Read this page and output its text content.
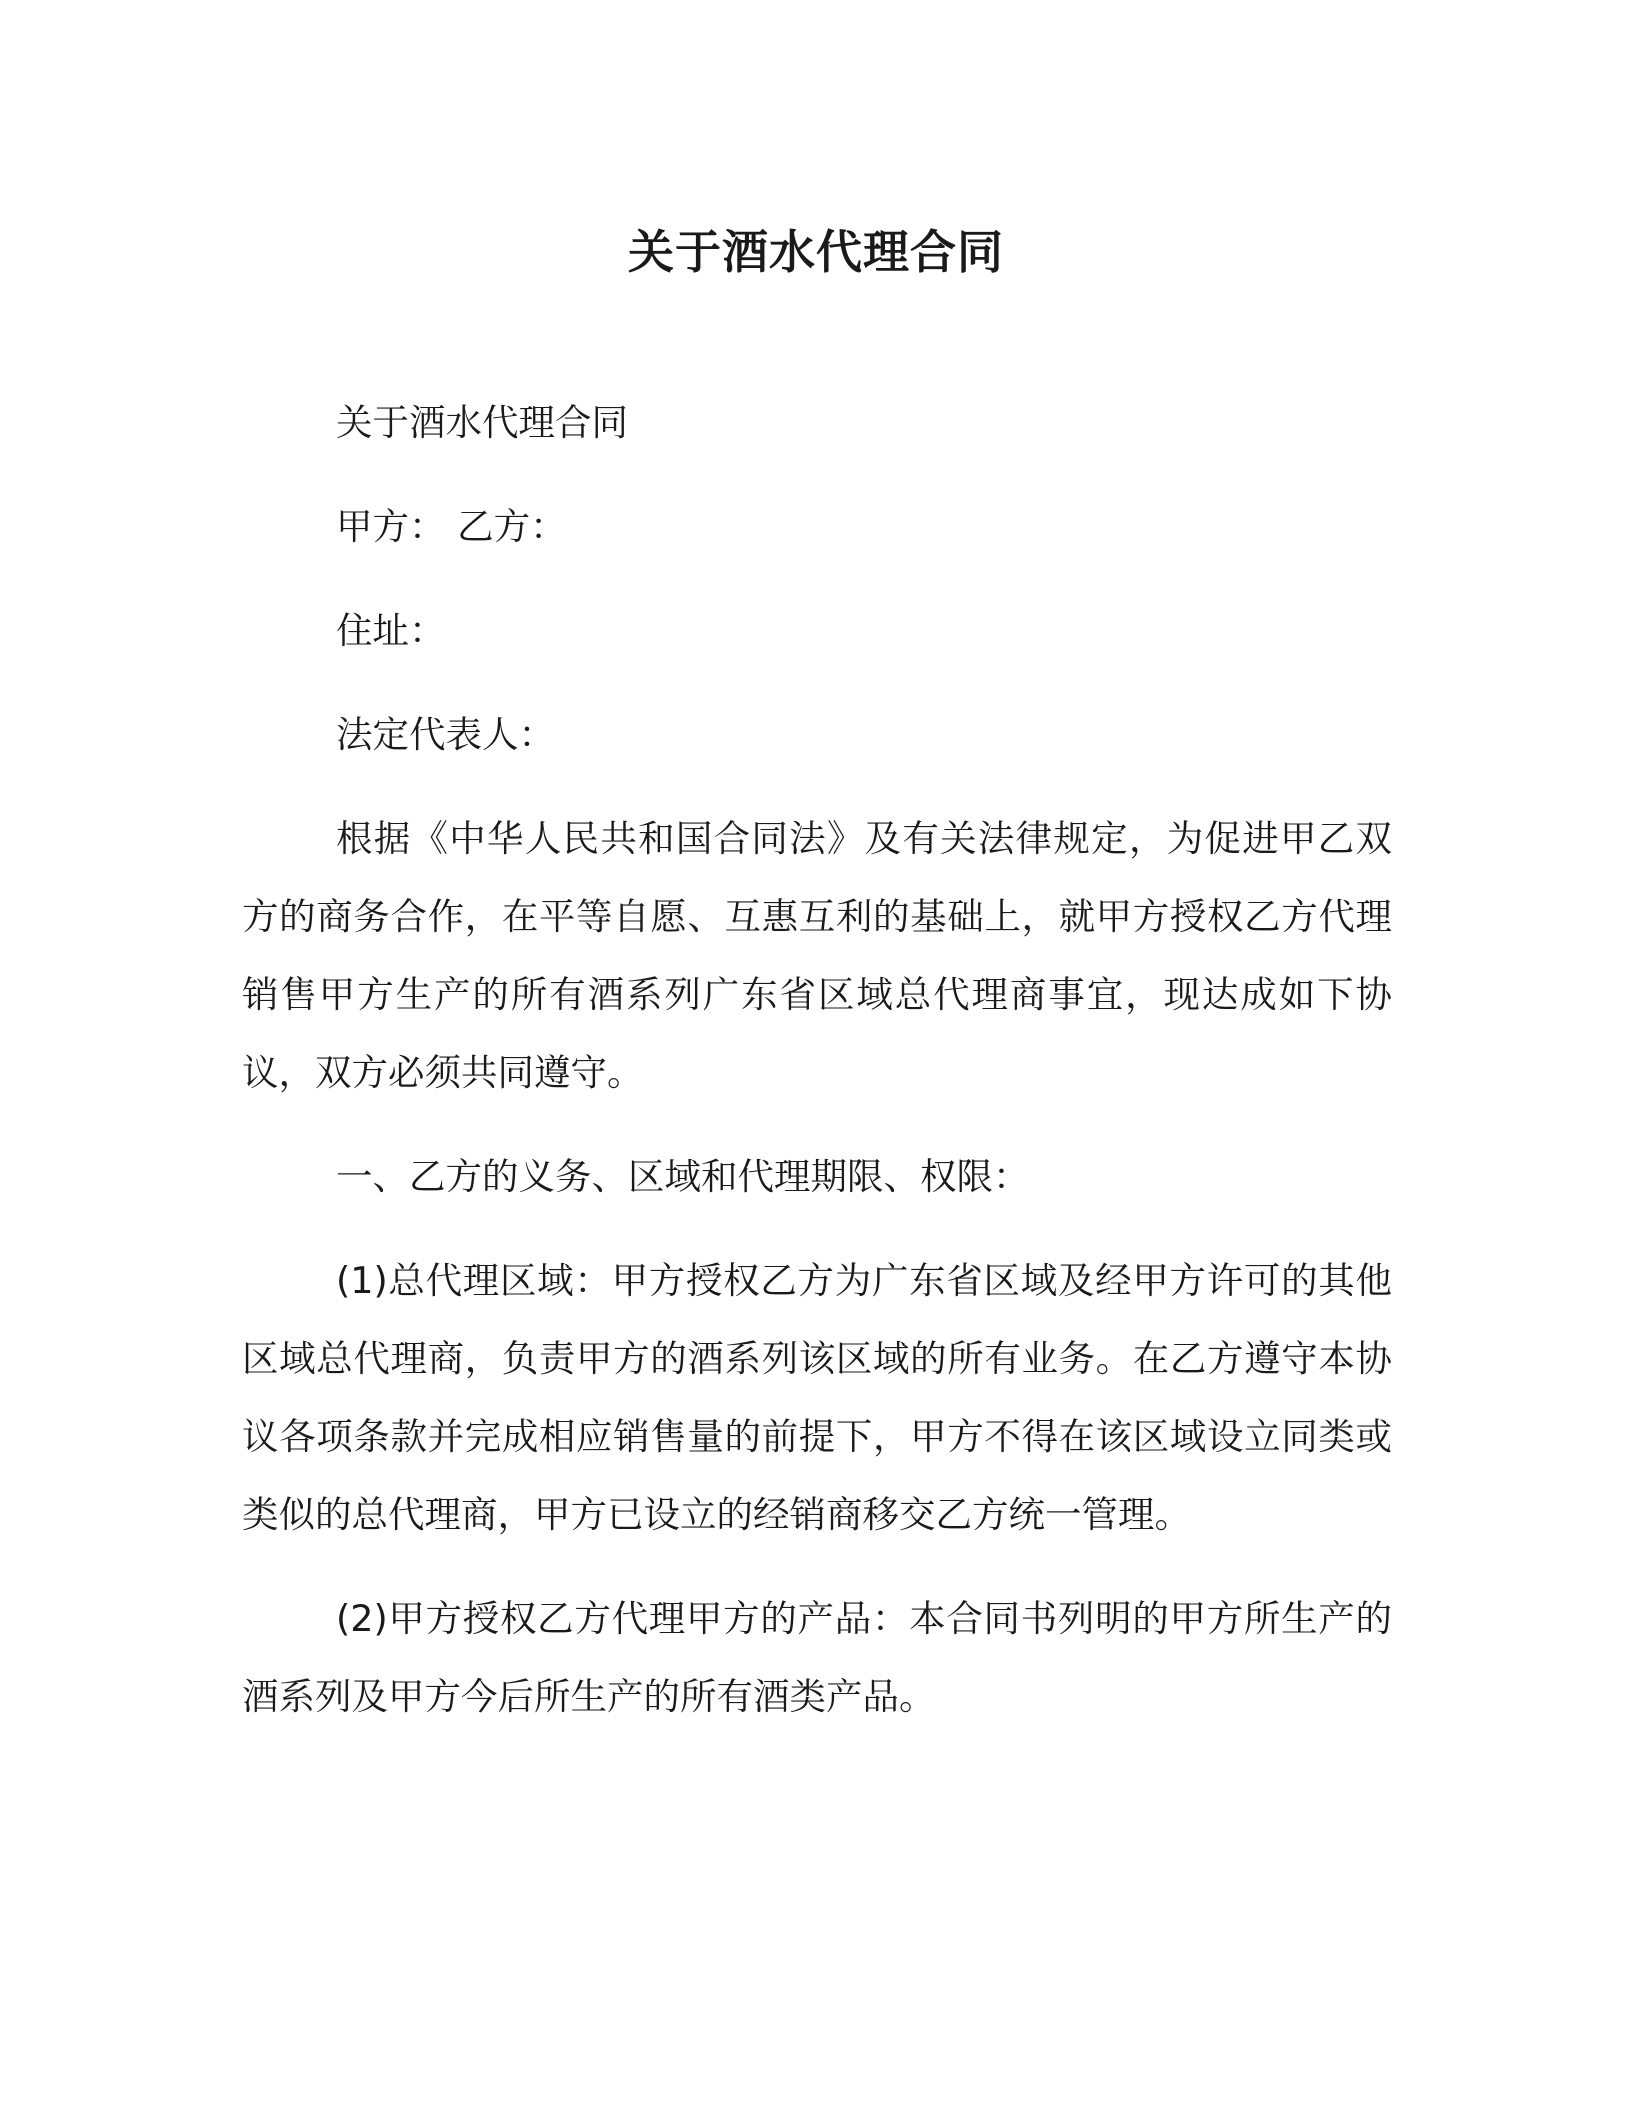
关于酒水代理合同

关于酒水代理合同

甲方： 乙方：

住址：

法定代表人：

根据《中华人民共和国合同法》及有关法律规定，为促进甲乙双方的商务合作，在平等自愿、互惠互利的基础上，就甲方授权乙方代理销售甲方生产的所有酒系列广东省区域总代理商事宜，现达成如下协议，双方必须共同遵守。

一、乙方的义务、区域和代理期限、权限：

(1)总代理区域：甲方授权乙方为广东省区域及经甲方许可的其他区域总代理商，负责甲方的酒系列该区域的所有业务。在乙方遵守本协议各项条款并完成相应销售量的前提下，甲方不得在该区域设立同类或类似的总代理商，甲方已设立的经销商移交乙方统一管理。

(2)甲方授权乙方代理甲方的产品：本合同书列明的甲方所生产的酒系列及甲方今后所生产的所有酒类产品。
